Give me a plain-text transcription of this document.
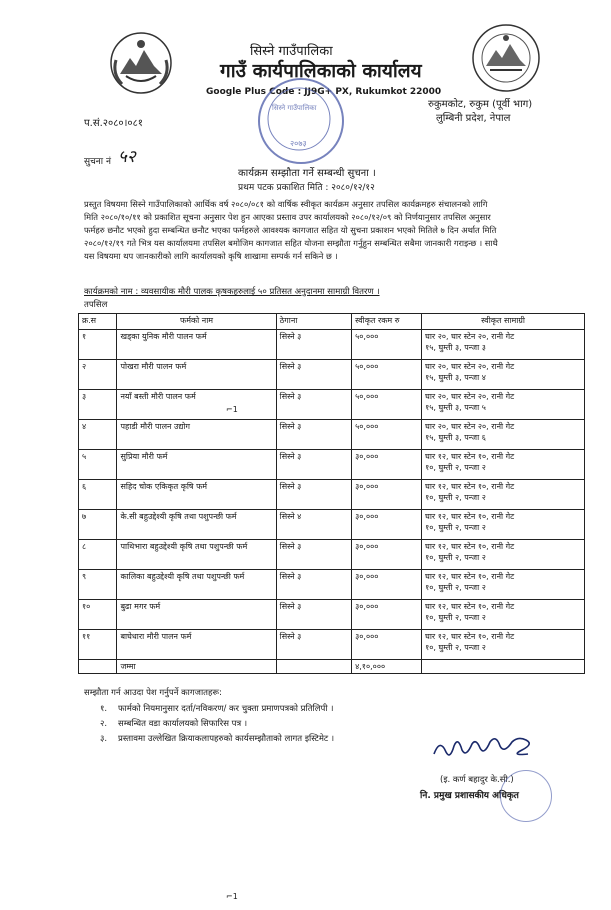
सिस्ने गाउँपालिका
गाउँ कार्यपालिकाको कार्यालय
Google Plus Code : JJ9G+ PX, Rukumkot 22000
रुकुमकोट, रुकुम (पूर्वी भाग)
लुम्बिनी प्रदेश, नेपाल
प.सं.२०८०।०८१
सिस्ने गाउँपालिका
२०७३
सुचना नं ५२
कार्यक्रम सम्झौता गर्ने सम्बन्धी सुचना ।
प्रथम पटक प्रकाशित मिति : २०८०/१२/१२
प्रस्तुत विषयमा सिस्ने गाउँपालिकाको आर्थिक वर्ष २०८०/०८१ को वार्षिक स्वीकृत कार्यक्रम अनुसार तपसिल कार्यक्रमहरु संचालनको लागि
मिति २०८०/१०/११ को प्रकाशित सूचना अनुसार पेश हुन आएका प्रस्ताव उपर कार्यालयको २०८०/१२/०९ को निर्णयानुसार तपसिल अनुसार
फर्महरु छनौट भएको हुदा सम्बन्धित छनौट भएका फर्महरुले आवश्यक कागजात सहित यो सुचना प्रकाशन भएको मितिले ७ दिन अर्थात मिति
२०८०/१२/१९ गते भित्र यस कार्यालयमा तपसिल बमोजिम कागजात सहित योजना सम्झौता गर्नुहुन सम्बन्धित सबैमा जानकारी गराइन्छ । साथै
यस विषयमा थप जानकारीको लागि कार्यालयको कृषि शाखामा सम्पर्क गर्न सकिने छ ।
कार्यक्रमको नाम : व्यवसायीक मौरी पालक कृषकहरुलाई ५० प्रतिसत अनुदानमा सामाग्री वितरण ।
तपसिल
क्र.स	फर्मको नाम	ठेगाना	स्वीकृत रकम रु	स्वीकृत सामाग्री
१	खड्का युनिक मौरी पालन फर्म	सिस्ने ३	५०,०००	घार २०, घार स्टेन २०, रानी गेट
१५, घुम्ती ३, पन्जा ३

२	पोखरा मौरी पालन फर्म	सिस्ने ३	५०,०००	घार २०, घार स्टेन २०, रानी गेट
१५, घुम्ती ३, पन्जा ४

३	नयाँ बस्ती मौरी पालन फर्म	सिस्ने ३	५०,०००	घार २०, घार स्टेन २०, रानी गेट
१५, घुम्ती ३, पन्जा ५

४	पहाडी मौरी पालन उद्योग	सिस्ने ३	५०,०००	घार २०, घार स्टेन २०, रानी गेट
१५, घुम्ती ३, पन्जा ६

५	सुप्रिया मौरी फर्म	सिस्ने ३	३०,०००	घार १२, घार स्टेन १०, रानी गेट
१०, घुम्ती २, पन्जा २

६	सहिद चोक एकिकृत कृषि फर्म	सिस्ने ३	३०,०००	घार १२, घार स्टेन १०, रानी गेट
१०, घुम्ती २, पन्जा २

७	के.सी बहुउद्देश्यी कृषि तथा पशुपन्छी फर्म	सिस्ने ४	३०,०००	घार १२, घार स्टेन १०, रानी गेट
१०, घुम्ती २, पन्जा २

८	पाथिभारा बहुउद्देश्यी कृषि तथा पशुपन्छी फर्म	सिस्ने ३	३०,०००	घार १२, घार स्टेन १०, रानी गेट
१०, घुम्ती २, पन्जा २

९	कालिका बहुउद्देश्यी कृषि तथा पशुपन्छी फर्म	सिस्ने ३	३०,०००	घार १२, घार स्टेन १०, रानी गेट
१०, घुम्ती २, पन्जा २

१०	बुढा मगर फर्म	सिस्ने ३	३०,०००	घार १२, घार स्टेन १०, रानी गेट
१०, घुम्ती २, पन्जा २

११	बाघेधारा मौरी पालन फर्म	सिस्ने ३	३०,०००	घार १२, घार स्टेन १०, रानी गेट
१०, घुम्ती २, पन्जा २

	जम्मा		४,१०,०००	
सम्झौता गर्न आउदा पेश गर्नुपर्ने कागजातहरू:
१. फार्मको नियमानुसार दर्ता/नविकरण/ कर चुक्ता प्रमाणपत्रको प्रतिलिपी ।
२. सम्बन्धित वडा कार्यालयको सिफारिस पत्र ।
३. प्रस्तावमा उल्लेखित क्रियाकलापहरुको कार्यसम्झौताको लागत इस्टिमेट ।
(इ. कर्ण बहादुर के.सी.)
नि. प्रमुख प्रशासकीय अधिकृत
⌐1
⌐1
